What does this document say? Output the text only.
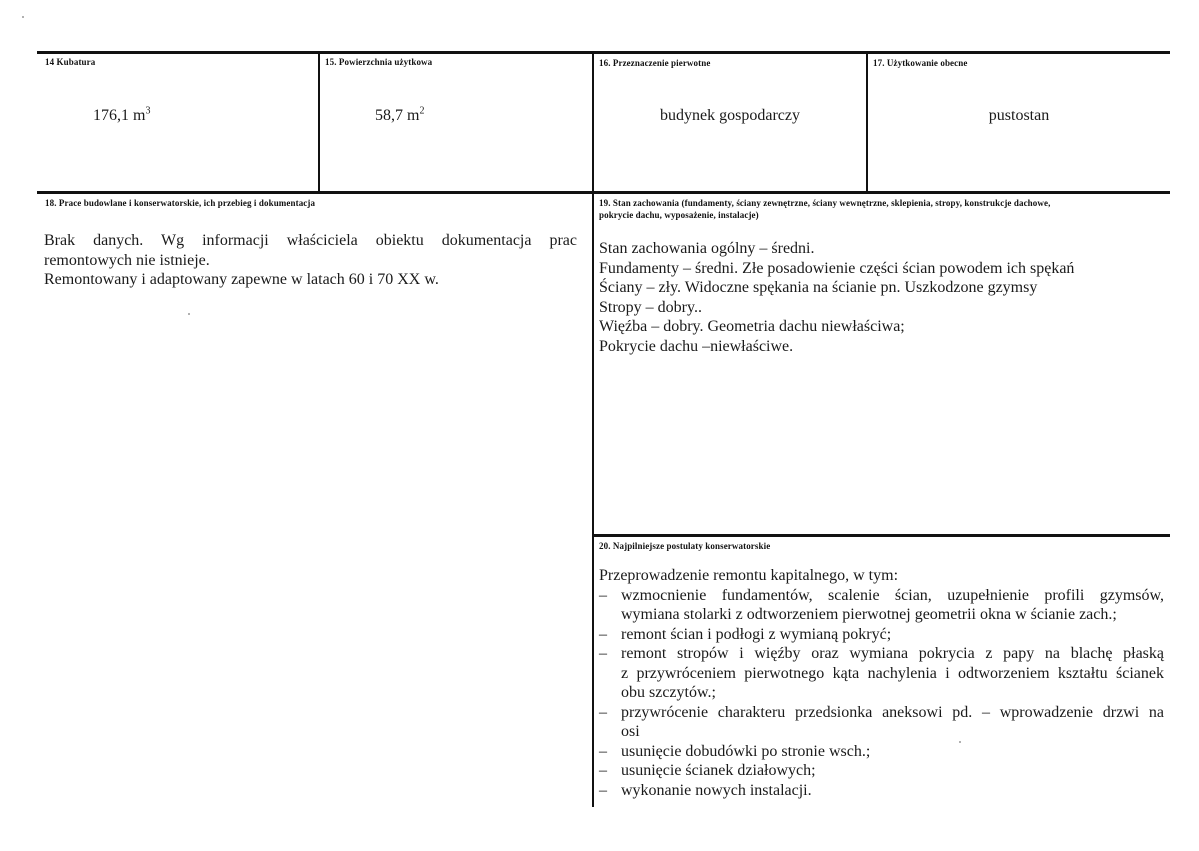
14 Kubatura
176,1 $m^3$
15. Powierzchnia użytkowa
58,7 $m^2$
16. Przeznaczenie pierwotne
budynek gospodarczy
17. Użytkowanie obecne
pustostan
18. Prace budowlane i konserwatorskie, ich przebieg i dokumentacja
Brak danych. Wg informacji właściciela obiektu dokumentacja prac
remontowych nie istnieje.
Remontowany i adaptowany zapewne w latach 60 i 70 XX w.
19. Stan zachowania (fundamenty, ściany zewnętrzne, ściany wewnętrzne, sklepienia, stropy, konstrukcje dachowe,
pokrycie dachu, wyposażenie, instalacje)
Stan zachowania ogólny – średni.
Fundamenty – średni. Złe posadowienie części ścian powodem ich spękań
Ściany – zły. Widoczne spękania na ścianie pn. Uszkodzone gzymsy
Stropy – dobry..
Więźba – dobry. Geometria dachu niewłaściwa;
Pokrycie dachu –niewłaściwe.
20. Najpilniejsze postulaty konserwatorskie
Przeprowadzenie remontu kapitalnego, w tym:
– wzmocnienie fundamentów, scalenie ścian, uzupełnienie profili gzymsów,
wymiana stolarki z odtworzeniem pierwotnej geometrii okna w ścianie zach.;
– remont ścian i podłogi z wymianą pokryć;
– remont stropów i więźby oraz wymiana pokrycia z papy na blachę płaską
z przywróceniem pierwotnego kąta nachylenia i odtworzeniem kształtu ścianek
obu szczytów.;
– przywrócenie charakteru przedsionka aneksowi pd. – wprowadzenie drzwi na
osi
– usunięcie dobudówki po stronie wsch.;
– usunięcie ścianek działowych;
– wykonanie nowych instalacji.
